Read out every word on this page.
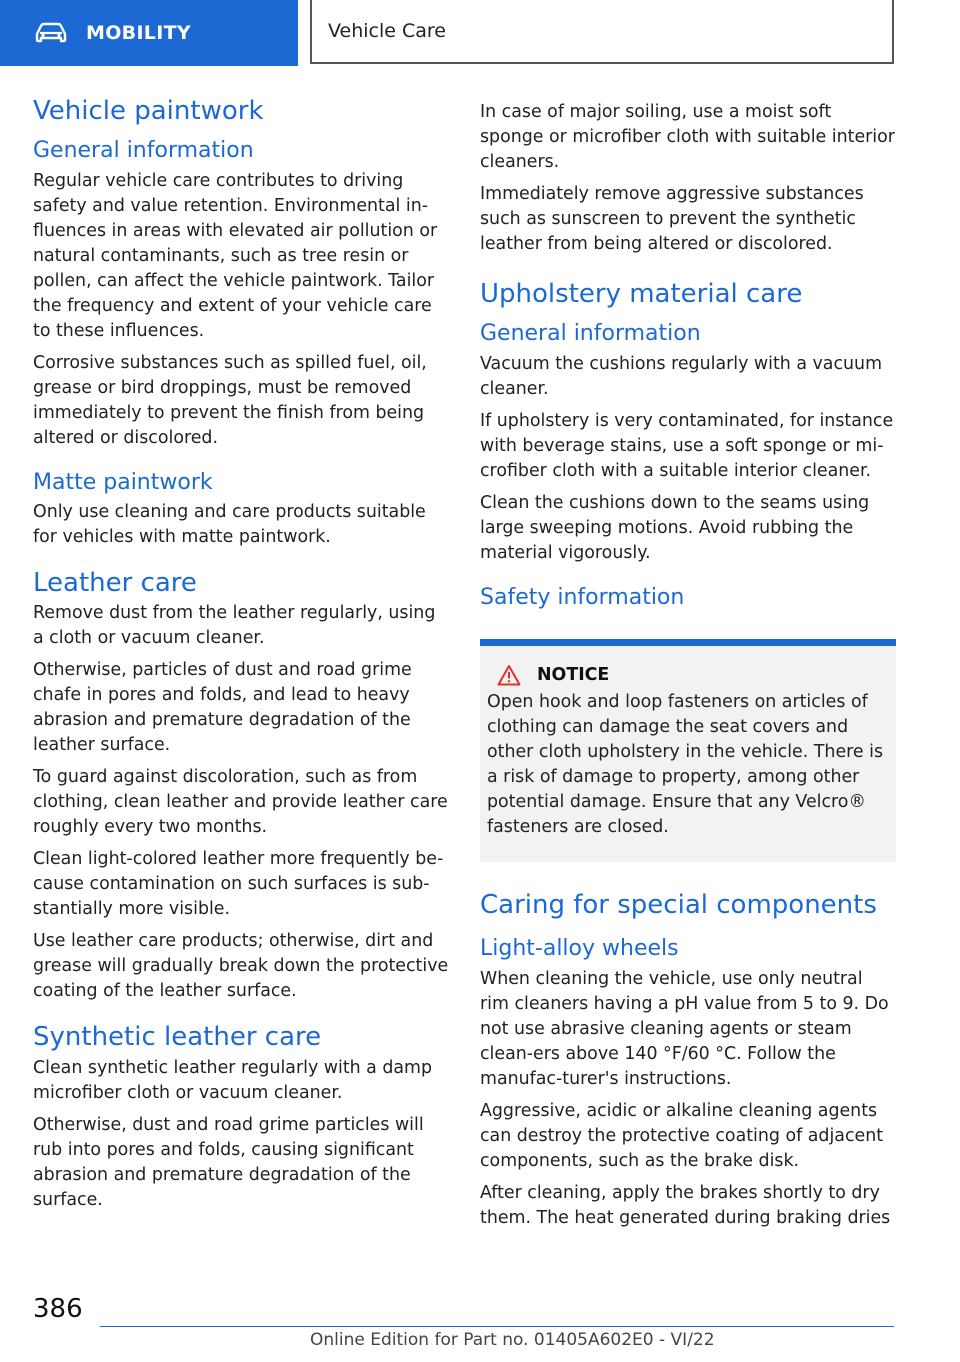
MOBILITY	Vehicle Care
Vehicle paintwork
General information

Regular vehicle care contributes to driving safety and value retention. Environmental in-fluences in areas with elevated air pollution or natural contaminants, such as tree resin or pollen, can affect the vehicle paintwork. Tailor the frequency and extent of your vehicle care to these influences.

Corrosive substances such as spilled fuel, oil, grease or bird droppings, must be removed immediately to prevent the finish from being altered or discolored.

Matte paintwork

Only use cleaning and care products suitable for vehicles with matte paintwork.

Leather care

Remove dust from the leather regularly, using a cloth or vacuum cleaner.

Otherwise, particles of dust and road grime chafe in pores and folds, and lead to heavy abrasion and premature degradation of the leather surface.

To guard against discoloration, such as from clothing, clean leather and provide leather care roughly every two months.

Clean light-colored leather more frequently be-cause contamination on such surfaces is sub-stantially more visible.

Use leather care products; otherwise, dirt and grease will gradually break down the protective coating of the leather surface.

Synthetic leather care

Clean synthetic leather regularly with a damp microfiber cloth or vacuum cleaner.

Otherwise, dust and road grime particles will rub into pores and folds, causing significant abrasion and premature degradation of the surface.

In case of major soiling, use a moist soft sponge or microfiber cloth with suitable interior cleaners.

Immediately remove aggressive substances such as sunscreen to prevent the synthetic leather from being altered or discolored.

Upholstery material care
General information

Vacuum the cushions regularly with a vacuum cleaner.

If upholstery is very contaminated, for instance with beverage stains, use a soft sponge or mi-crofiber cloth with a suitable interior cleaner.

Clean the cushions down to the seams using large sweeping motions. Avoid rubbing the material vigorously.

Safety information
NOTICE

Open hook and loop fasteners on articles of clothing can damage the seat covers and other cloth upholstery in the vehicle. There is a risk of damage to property, among other potential damage. Ensure that any Velcro® fasteners are closed.

Caring for special components
Light-alloy wheels

When cleaning the vehicle, use only neutral rim cleaners having a pH value from 5 to 9. Do not use abrasive cleaning agents or steam clean-ers above 140 °F/60 °C. Follow the manufac-turer's instructions.

Aggressive, acidic or alkaline cleaning agents can destroy the protective coating of adjacent components, such as the brake disk.

After cleaning, apply the brakes shortly to dry them. The heat generated during braking dries

386
Online Edition for Part no. 01405A602E0 - VI/22
